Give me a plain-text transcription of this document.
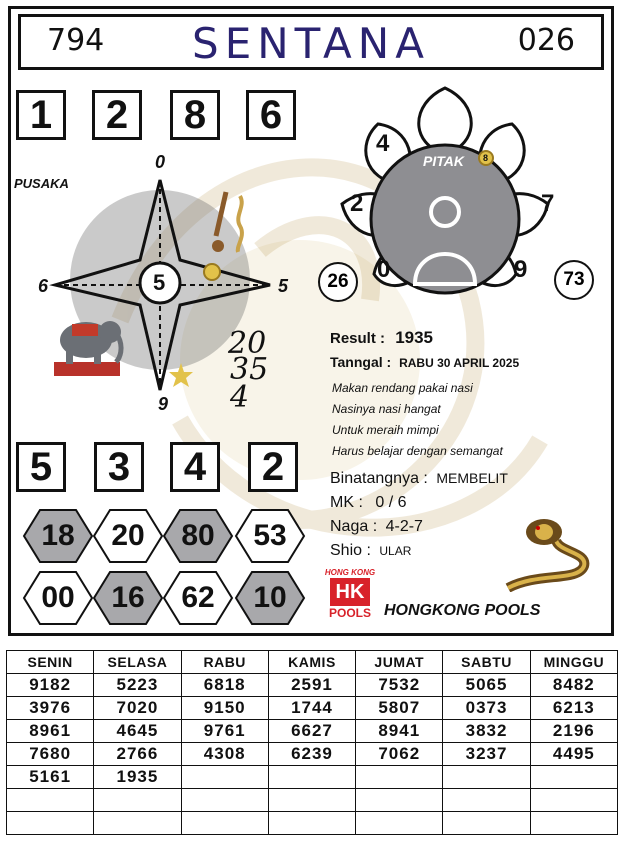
794	SENTANA	026
1	2	8	6
PUSAKA
0
6	5
9
5
20
35
4
PITAK 8
4
2
0	9
7
26	73
Result : 1935
Tanngal : RABU 30 APRIL 2025
Makan rendang pakai nasi
Nasinya nasi hangat
Untuk meraih mimpi
Harus belajar dengan semangat
Binatangnya : MEMBELIT
MK : 0 / 6
Naga : 4-2-7
Shio : ULAR
5	3	4	2
18 20 80 53
00 16 62 10
HONG KONG
HK
POOLS HONGKONG POOLS
SENIN	SELASA	RABU	KAMIS	JUMAT	SABTU	MINGGU
9182	5223	6818	2591	7532	5065	8482
3976	7020	9150	1744	5807	0373	6213
8961	4645	9761	6627	8941	3832	2196
7680	2766	4308	6239	7062	3237	4495
5161	1935					
